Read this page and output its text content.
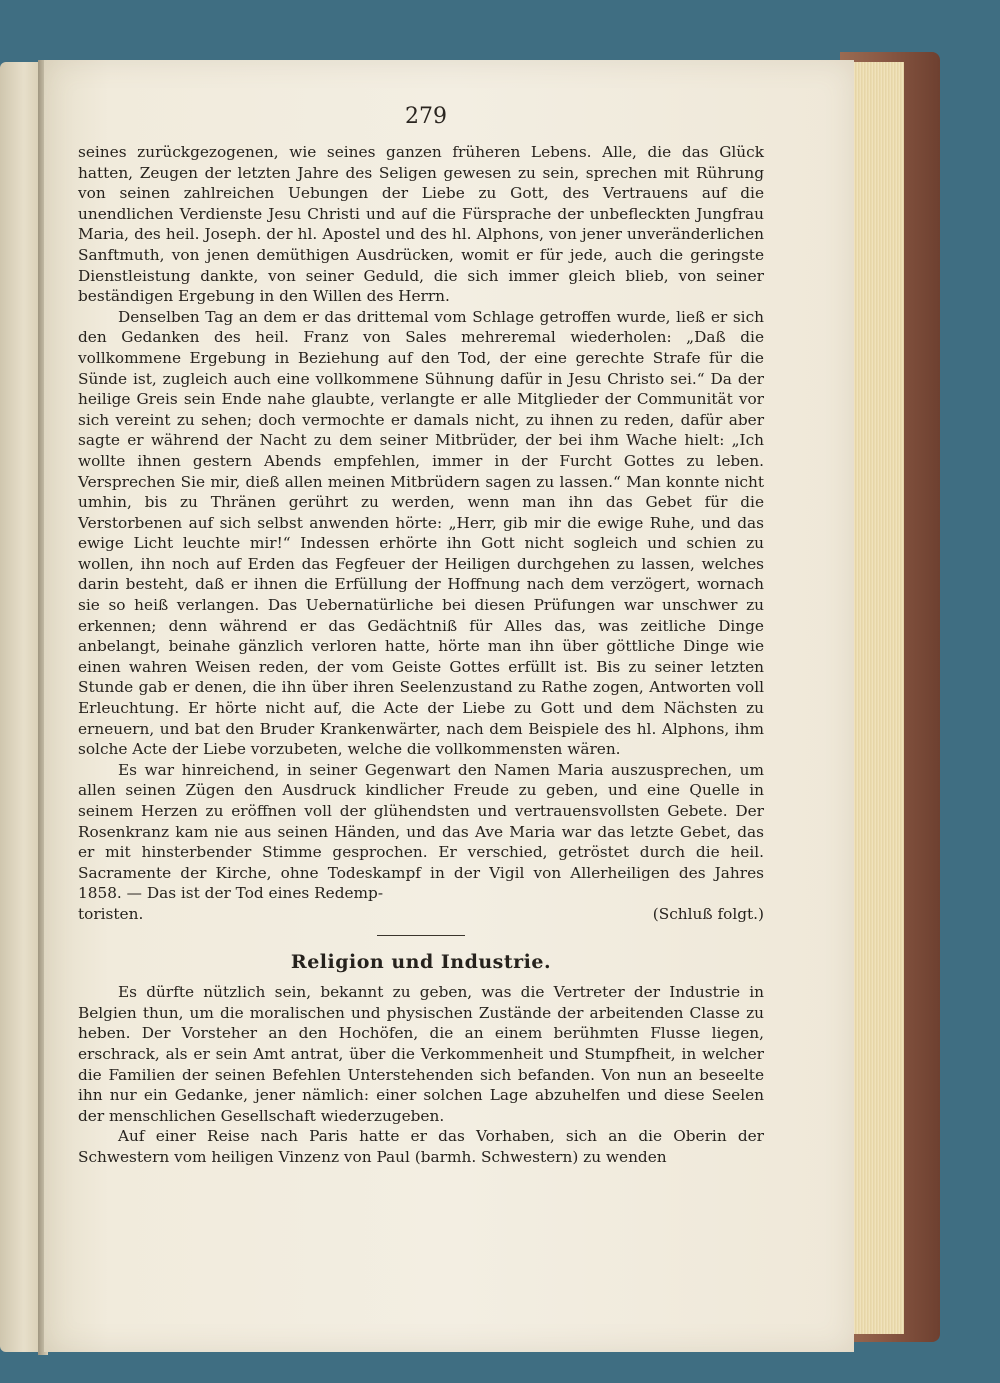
279

seines zurückgezogenen, wie seines ganzen früheren Lebens. Alle, die das Glück hatten, Zeugen der letzten Jahre des Seligen gewesen zu sein, sprechen mit Rührung von seinen zahlreichen Uebungen der Liebe zu Gott, des Vertrauens auf die unendlichen Verdienste Jesu Christi und auf die Fürsprache der unbefleckten Jungfrau Maria, des heil. Joseph. der hl. Apostel und des hl. Alphons, von jener unveränderlichen Sanftmuth, von jenen demüthigen Ausdrücken, womit er für jede, auch die geringste Dienstleistung dankte, von seiner Geduld, die sich immer gleich blieb, von seiner beständigen Ergebung in den Willen des Herrn.

Denselben Tag an dem er das drittemal vom Schlage getroffen wurde, ließ er sich den Gedanken des heil. Franz von Sales mehreremal wiederholen: „Daß die vollkommene Ergebung in Beziehung auf den Tod, der eine gerechte Strafe für die Sünde ist, zugleich auch eine vollkommene Sühnung dafür in Jesu Christo sei.“ Da der heilige Greis sein Ende nahe glaubte, verlangte er alle Mitglieder der Communität vor sich vereint zu sehen; doch vermochte er damals nicht, zu ihnen zu reden, dafür aber sagte er während der Nacht zu dem seiner Mitbrüder, der bei ihm Wache hielt: „Ich wollte ihnen gestern Abends empfehlen, immer in der Furcht Gottes zu leben. Versprechen Sie mir, dieß allen meinen Mitbrüdern sagen zu lassen.“ Man konnte nicht umhin, bis zu Thränen gerührt zu werden, wenn man ihn das Gebet für die Verstorbenen auf sich selbst anwenden hörte: „Herr, gib mir die ewige Ruhe, und das ewige Licht leuchte mir!“ Indessen erhörte ihn Gott nicht sogleich und schien zu wollen, ihn noch auf Erden das Fegfeuer der Heiligen durchgehen zu lassen, welches darin besteht, daß er ihnen die Erfüllung der Hoffnung nach dem verzögert, wornach sie so heiß verlangen. Das Uebernatürliche bei diesen Prüfungen war unschwer zu erkennen; denn während er das Gedächtniß für Alles das, was zeitliche Dinge anbelangt, beinahe gänzlich verloren hatte, hörte man ihn über göttliche Dinge wie einen wahren Weisen reden, der vom Geiste Gottes erfüllt ist. Bis zu seiner letzten Stunde gab er denen, die ihn über ihren Seelenzustand zu Rathe zogen, Antworten voll Erleuchtung. Er hörte nicht auf, die Acte der Liebe zu Gott und dem Nächsten zu erneuern, und bat den Bruder Krankenwärter, nach dem Beispiele des hl. Alphons, ihm solche Acte der Liebe vorzubeten, welche die vollkommensten wären.

Es war hinreichend, in seiner Gegenwart den Namen Maria auszusprechen, um allen seinen Zügen den Ausdruck kindlicher Freude zu geben, und eine Quelle in seinem Herzen zu eröffnen voll der glühendsten und vertrauensvollsten Gebete. Der Rosenkranz kam nie aus seinen Händen, und das Ave Maria war das letzte Gebet, das er mit hinsterbender Stimme gesprochen. Er verschied, getröstet durch die heil. Sacramente der Kirche, ohne Todeskampf in der Vigil von Allerheiligen des Jahres 1858. — Das ist der Tod eines Redemp-

toristen.	(Schluß folgt.)
Religion und Industrie.

Es dürfte nützlich sein, bekannt zu geben, was die Vertreter der Industrie in Belgien thun, um die moralischen und physischen Zustände der arbeitenden Classe zu heben. Der Vorsteher an den Hochöfen, die an einem berühmten Flusse liegen, erschrack, als er sein Amt antrat, über die Verkommenheit und Stumpfheit, in welcher die Familien der seinen Befehlen Unterstehenden sich befanden. Von nun an beseelte ihn nur ein Gedanke, jener nämlich: einer solchen Lage abzuhelfen und diese Seelen der menschlichen Gesellschaft wiederzugeben.

Auf einer Reise nach Paris hatte er das Vorhaben, sich an die Oberin der Schwestern vom heiligen Vinzenz von Paul (barmh. Schwestern) zu wenden
